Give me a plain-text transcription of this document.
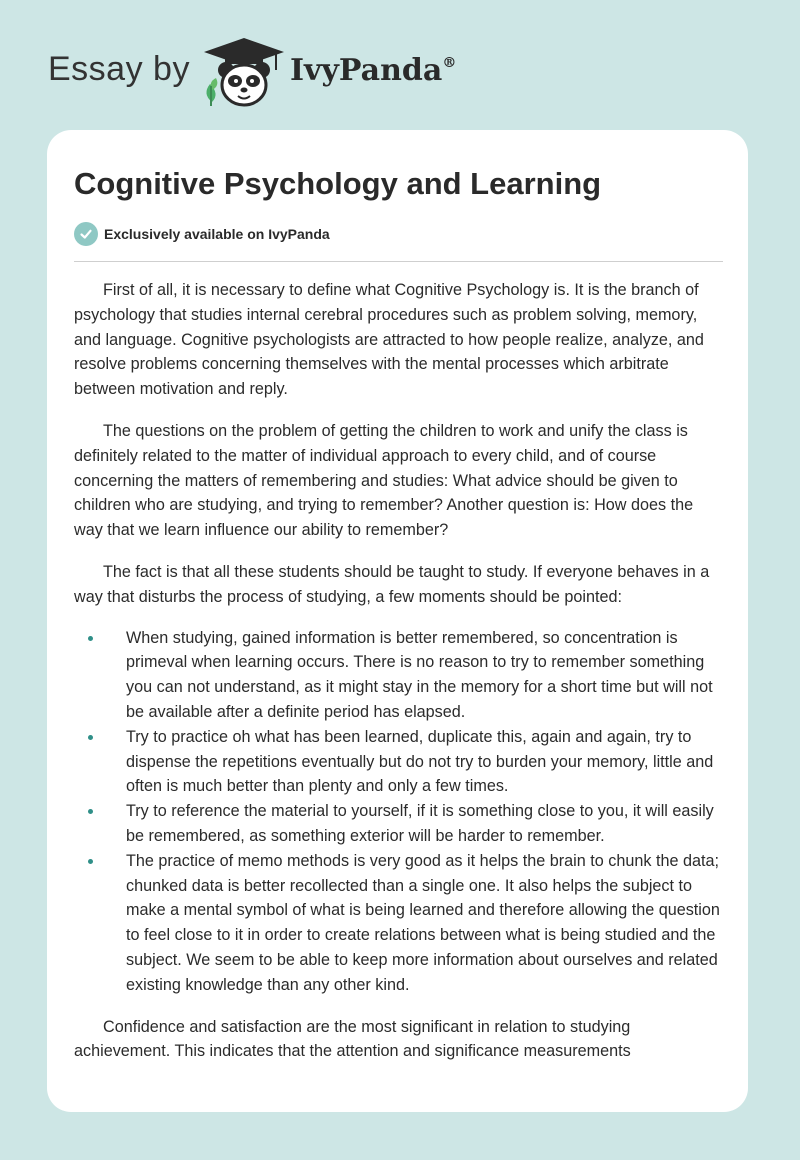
Essay by	IvyPanda®
Cognitive Psychology and Learning
Exclusively available on IvyPanda

First of all, it is necessary to define what Cognitive Psychology is. It is the branch of psychology that studies internal cerebral procedures such as problem solving, memory, and language. Cognitive psychologists are attracted to how people realize, analyze, and resolve problems concerning themselves with the mental processes which arbitrate between motivation and reply.

The questions on the problem of getting the children to work and unify the class is definitely related to the matter of individual approach to every child, and of course concerning the matters of remembering and studies: What advice should be given to children who are studying, and trying to remember? Another question is: How does the way that we learn influence our ability to remember?

The fact is that all these students should be taught to study. If everyone behaves in a way that disturbs the process of studying, a few moments should be pointed:

When studying, gained information is better remembered, so concentration is primeval when learning occurs. There is no reason to try to remember something you can not understand, as it might stay in the memory for a short time but will not be available after a definite period has elapsed.
Try to practice oh what has been learned, duplicate this, again and again, try to dispense the repetitions eventually but do not try to burden your memory, little and often is much better than plenty and only a few times.
Try to reference the material to yourself, if it is something close to you, it will easily be remembered, as something exterior will be harder to remember.
The practice of memo methods is very good as it helps the brain to chunk the data; chunked data is better recollected than a single one. It also helps the subject to make a mental symbol of what is being learned and therefore allowing the question to feel close to it in order to create relations between what is being studied and the subject. We seem to be able to keep more information about ourselves and related existing knowledge than any other kind.

Confidence and satisfaction are the most significant in relation to studying achievement. This indicates that the attention and significance measurements
